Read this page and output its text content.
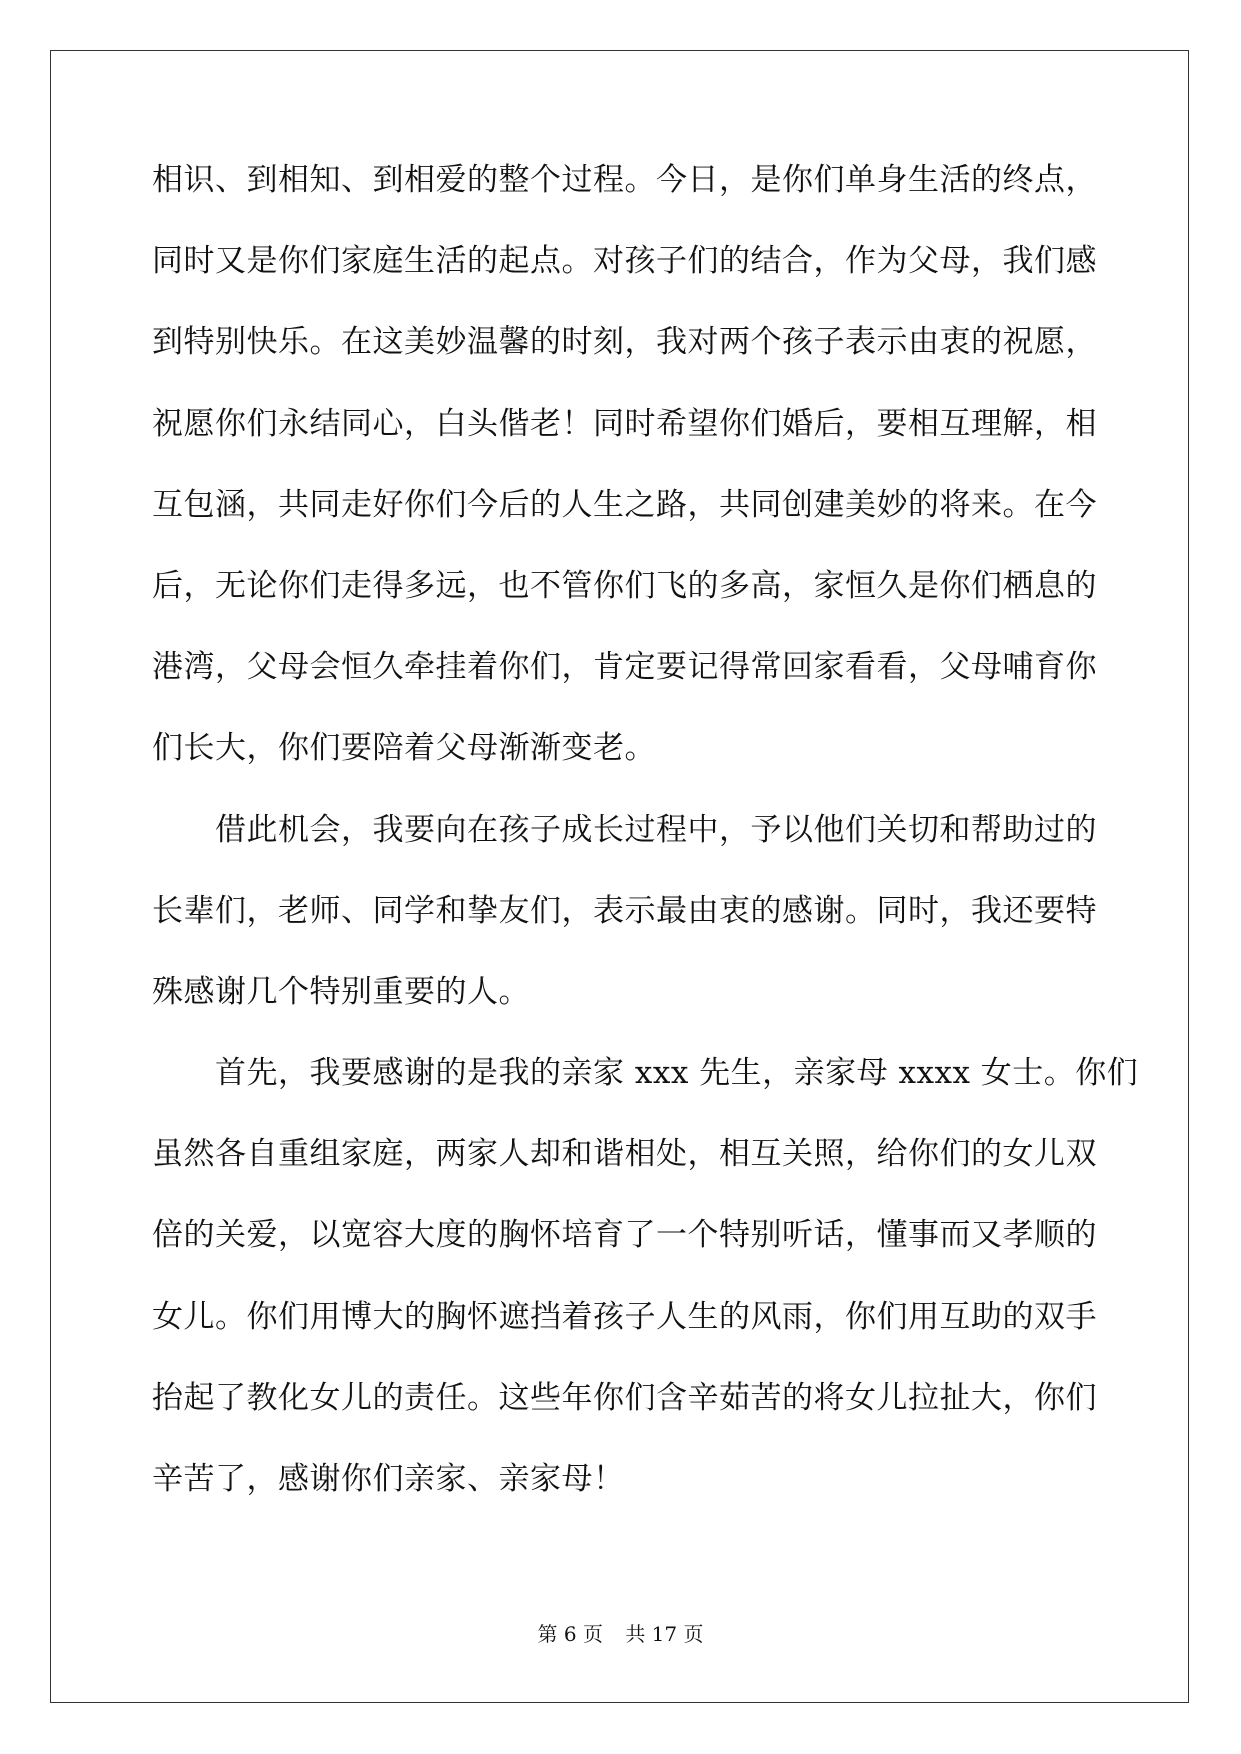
相识、到相知、到相爱的整个过程。今日，是你们单身生活的终点，
同时又是你们家庭生活的起点。对孩子们的结合，作为父母，我们感
到特别快乐。在这美妙温馨的时刻，我对两个孩子表示由衷的祝愿，
祝愿你们永结同心，白头偕老！同时希望你们婚后，要相互理解，相
互包涵，共同走好你们今后的人生之路，共同创建美妙的将来。在今
后，无论你们走得多远，也不管你们飞的多高，家恒久是你们栖息的
港湾，父母会恒久牵挂着你们，肯定要记得常回家看看，父母哺育你
们长大，你们要陪着父母渐渐变老。
借此机会，我要向在孩子成长过程中，予以他们关切和帮助过的
长辈们，老师、同学和挚友们，表示最由衷的感谢。同时，我还要特
殊感谢几个特别重要的人。
首先，我要感谢的是我的亲家 xxx 先生，亲家母 xxxx 女士。你们
虽然各自重组家庭，两家人却和谐相处，相互关照，给你们的女儿双
倍的关爱，以宽容大度的胸怀培育了一个特别听话，懂事而又孝顺的
女儿。你们用博大的胸怀遮挡着孩子人生的风雨，你们用互助的双手
抬起了教化女儿的责任。这些年你们含辛茹苦的将女儿拉扯大，你们
辛苦了，感谢你们亲家、亲家母！
第 6 页 共 17 页
